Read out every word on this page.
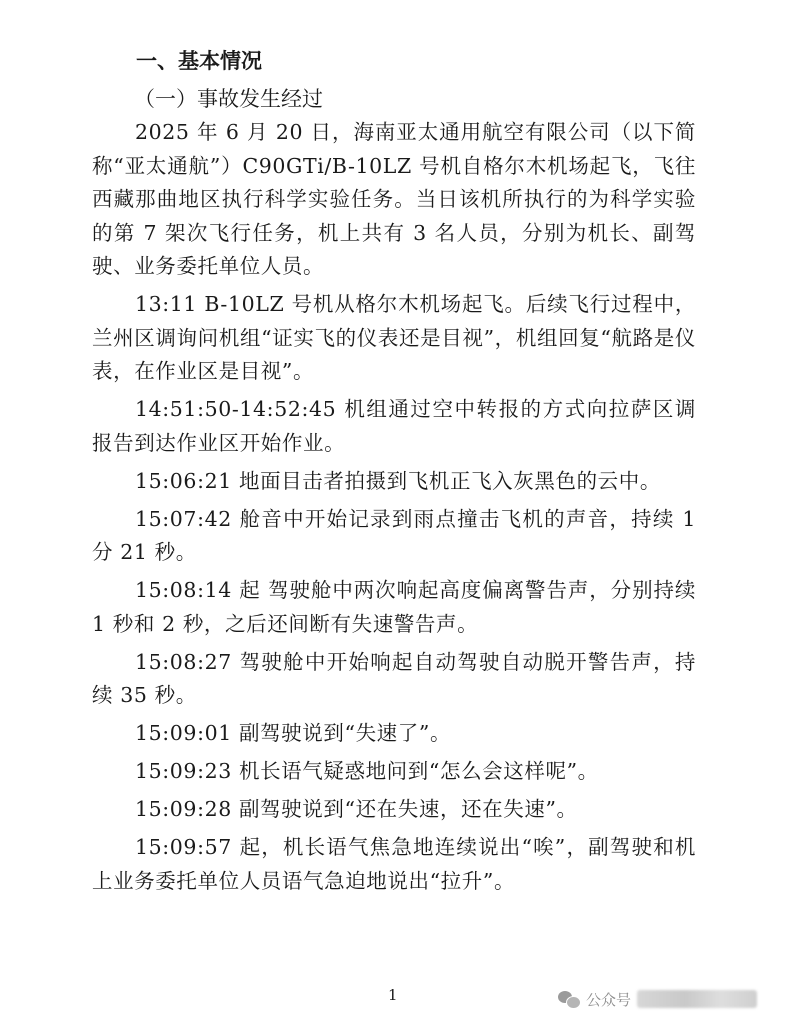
一、基本情况
（一）事故发生经过

2025 年 6 月 20 日，海南亚太通用航空有限公司（以下简称“亚太通航”）C90GTi/B-10LZ 号机自格尔木机场起飞，飞往西藏那曲地区执行科学实验任务。当日该机所执行的为科学实验的第 7 架次飞行任务，机上共有 3 名人员，分别为机长、副驾驶、业务委托单位人员。

13:11 B-10LZ 号机从格尔木机场起飞。后续飞行过程中，兰州区调询问机组“证实飞的仪表还是目视”，机组回复“航路是仪表，在作业区是目视”。

14:51:50-14:52:45 机组通过空中转报的方式向拉萨区调报告到达作业区开始作业。

15:06:21 地面目击者拍摄到飞机正飞入灰黑色的云中。

15:07:42 舱音中开始记录到雨点撞击飞机的声音，持续 1 分 21 秒。

15:08:14 起 驾驶舱中两次响起高度偏离警告声，分别持续 1 秒和 2 秒，之后还间断有失速警告声。

15:08:27 驾驶舱中开始响起自动驾驶自动脱开警告声，持续 35 秒。

15:09:01 副驾驶说到“失速了”。

15:09:23 机长语气疑惑地问到“怎么会这样呢”。

15:09:28 副驾驶说到“还在失速，还在失速”。

15:09:57 起，机长语气焦急地连续说出“唉”，副驾驶和机上业务委托单位人员语气急迫地说出“拉升”。

1	公众号
